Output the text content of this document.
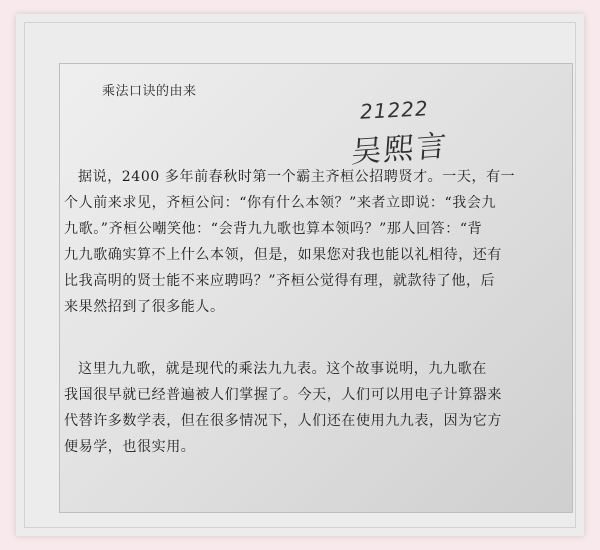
乘法口诀的由来
21222
吴熙言
据说，2400 多年前春秋时第一个霸主齐桓公招聘贤才。一天，有一
个人前来求见，齐桓公问：“你有什么本领？”来者立即说：“我会九
九歌。”齐桓公嘲笑他：“会背九九歌也算本领吗？”那人回答：“背
九九歌确实算不上什么本领，但是，如果您对我也能以礼相待，还有
比我高明的贤士能不来应聘吗？”齐桓公觉得有理，就款待了他，后
来果然招到了很多能人。
这里九九歌，就是现代的乘法九九表。这个故事说明，九九歌在
我国很早就已经普遍被人们掌握了。今天，人们可以用电子计算器来
代替许多数学表，但在很多情况下，人们还在使用九九表，因为它方
便易学，也很实用。
